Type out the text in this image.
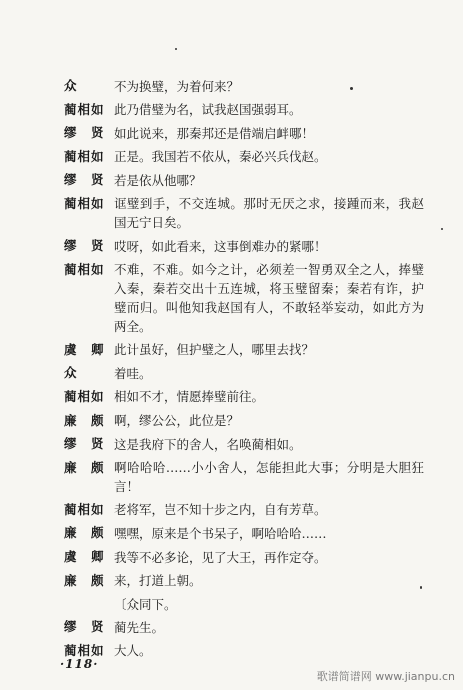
众	不为换璧，为着何来？
蔺相如 此乃借璧为名，试我赵国强弱耳。
缪　贤 如此说来，那秦邦还是借端启衅哪！
蔺相如 正是。我国若不依从，秦必兴兵伐赵。
缪　贤 若是依从他哪？
蔺相如 诓璧到手，不交连城。那时无厌之求，接踵而来，我赵国无宁日矣。
缪　贤 哎呀，如此看来，这事倒难办的紧哪！
蔺相如 不难，不难。如今之计，必须差一智勇双全之人，捧璧入秦，秦若交出十五连城，将玉璧留秦；秦若有诈，护璧而归。叫他知我赵国有人，不敢轻举妄动，如此方为两全。
虞　卿 此计虽好，但护璧之人，哪里去找？
众	着哇。
蔺相如 相如不才，情愿捧璧前往。
廉　颇 啊，缪公公，此位是？
缪　贤 这是我府下的舍人，名唤蔺相如。
廉　颇 啊哈哈哈……小小舍人，怎能担此大事；分明是大胆狂言！
蔺相如 老将军，岂不知十步之内，自有芳草。
廉　颇 嘿嘿，原来是个书呆子，啊哈哈哈……
虞　卿 我等不必多论，见了大王，再作定夺。
廉　颇 来，打道上朝。
〔众同下。
缪　贤 蔺先生。
蔺相如 大人。
·118·
歌谱简谱网 www.jianpu.cn
